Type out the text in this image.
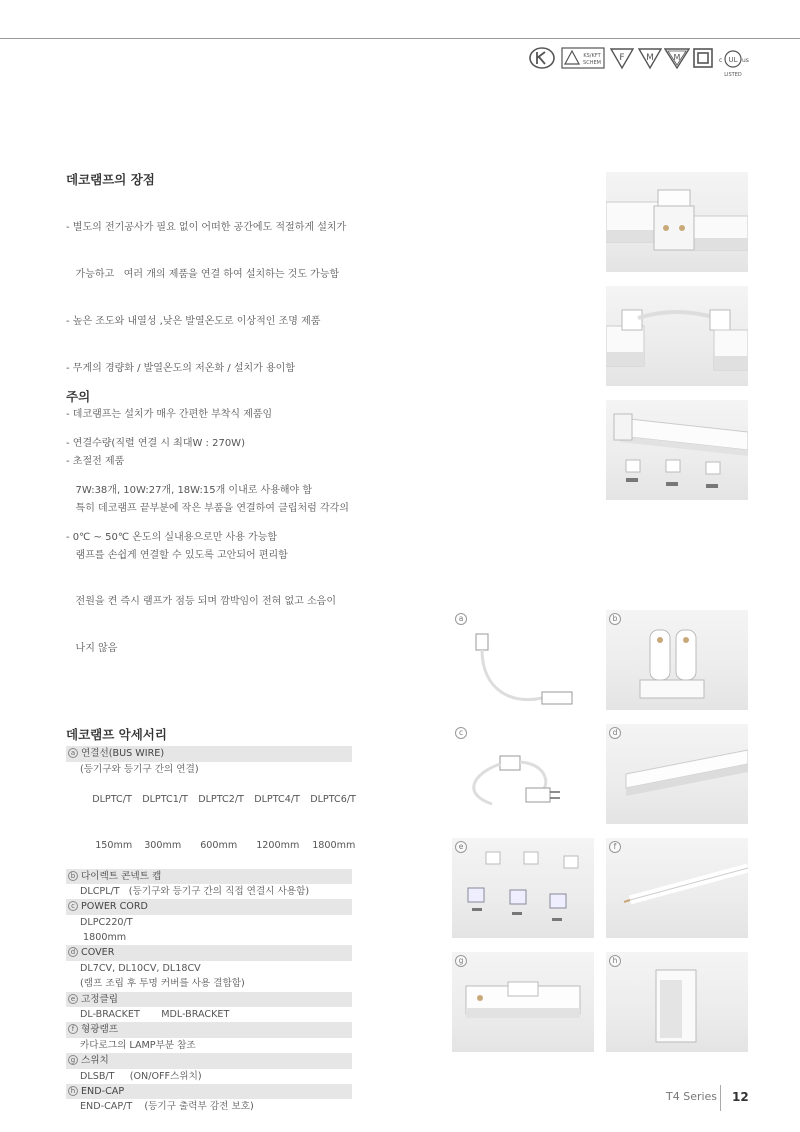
KS/KFT
SCHEM F M M	c UL us
LISTED
데코램프의 장점

- 별도의 전기공사가 필요 없이 어떠한 공간에도 적절하게 설치가

가능하고   여러 개의 제품을 연결 하여 설치하는 것도 가능함

- 높은 조도와 내열성 ,낮은 발열온도로 이상적인 조명 제품

- 무게의 경량화 / 발열온도의 저온화 / 설치가 용이함

- 데코램프는 설치가 매우 간편한 부착식 제품임

- 초절전 제품

특히 데코램프 끝부분에 작은 부품을 연결하여 클립처럼 각각의

램프를 손쉽게 연결할 수 있도록 고안되어 편리함

전원을 켠 즉시 램프가 점등 되며 깜박임이 전혀 없고 소음이

나지 않음

주의

- 연결수량(직렬 연결 시 최대W : 270W)

7W:38개, 10W:27개, 18W:15개 이내로 사용해야 함

- 0℃ ~ 50℃ 온도의 실내용으로만 사용 가능함

데코램프 악세서리
a 연결선(BUS WIRE)
(등기구와 등기구 간의 연결)

DLPTC/T DLPTC1/T DLPTC2/T DLPTC4/T DLPTC6/T

150mm 300mm 600mm 1200mm 1800mm

b 다이렉트 콘넥트 캡
DLCPL/T   (등기구와 등기구 간의 직접 연결시 사용함)
c POWER CORD
DLPC220/T
1800mm
d COVER
DL7CV, DL10CV, DL18CV
(램프 조립 후 투명 커버를 사용 결합함)
e 고정클립
DL-BRACKET       MDL-BRACKET
f 형광램프
카다로그의 LAMP부분 참조
g 스위치
DLSB/T     (ON/OFF스위치)
h END-CAP
END-CAP/T    (등기구 출력부 감전 보호)
a	b
c	d
e	f
g	h
T4 Series 12
